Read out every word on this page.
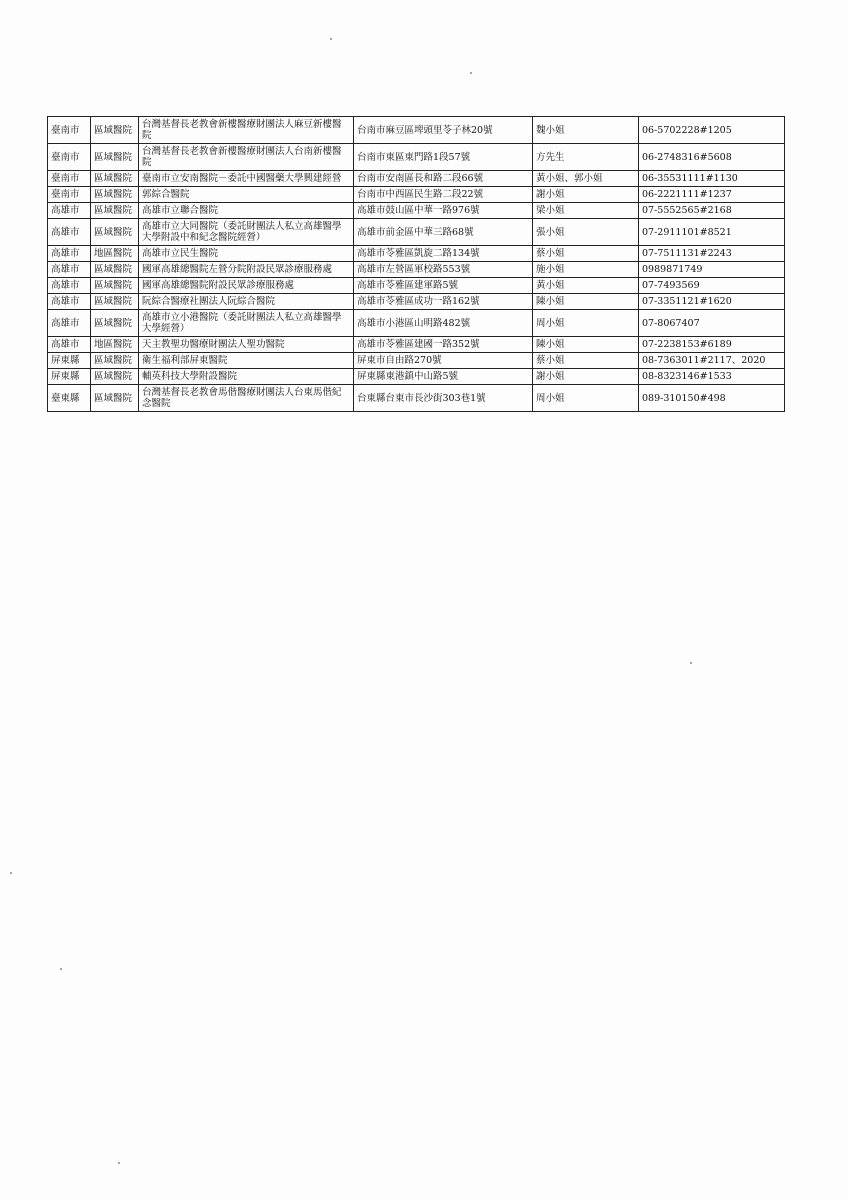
臺南市	區域醫院	台灣基督長老教會新樓醫療財團法人麻豆新樓醫院	台南市麻豆區埤頭里苓子林20號	魏小姐	06-5702228#1205
臺南市	區域醫院	台灣基督長老教會新樓醫療財團法人台南新樓醫院	台南市東區東門路1段57號	方先生	06-2748316#5608
臺南市	區域醫院	臺南市立安南醫院－委託中國醫藥大學興建經營	台南市安南區長和路二段66號	黃小姐、郭小姐	06-35531111#1130
臺南市	區域醫院	郭綜合醫院	台南市中西區民生路二段22號	謝小姐	06-2221111#1237
高雄市	區域醫院	高雄市立聯合醫院	高雄市鼓山區中華一路976號	梁小姐	07-5552565#2168
高雄市	區域醫院	高雄市立大同醫院（委託財團法人私立高雄醫學大學附設中和紀念醫院經營）	高雄市前金區中華三路68號	張小姐	07-2911101#8521
高雄市	地區醫院	高雄市立民生醫院	高雄市苓雅區凱旋二路134號	蔡小姐	07-7511131#2243
高雄市	區域醫院	國軍高雄總醫院左營分院附設民眾診療服務處	高雄市左營區軍校路553號	施小姐	0989871749
高雄市	區域醫院	國軍高雄總醫院附設民眾診療服務處	高雄市苓雅區建軍路5號	黃小姐	07-7493569
高雄市	區域醫院	阮綜合醫療社團法人阮綜合醫院	高雄市苓雅區成功一路162號	陳小姐	07-3351121#1620
高雄市	區域醫院	高雄市立小港醫院（委託財團法人私立高雄醫學大學經營）	高雄市小港區山明路482號	周小姐	07-8067407
高雄市	地區醫院	天主教聖功醫療財團法人聖功醫院	高雄市苓雅區建國一路352號	陳小姐	07-2238153#6189
屏東縣	區域醫院	衛生福利部屏東醫院	屏東市自由路270號	蔡小姐	08-7363011#2117、2020
屏東縣	區域醫院	輔英科技大學附設醫院	屏東縣東港鎮中山路5號	謝小姐	08-8323146#1533
臺東縣	區域醫院	台灣基督長老教會馬偕醫療財團法人台東馬偕紀念醫院	台東縣台東市長沙街303巷1號	周小姐	089-310150#498
